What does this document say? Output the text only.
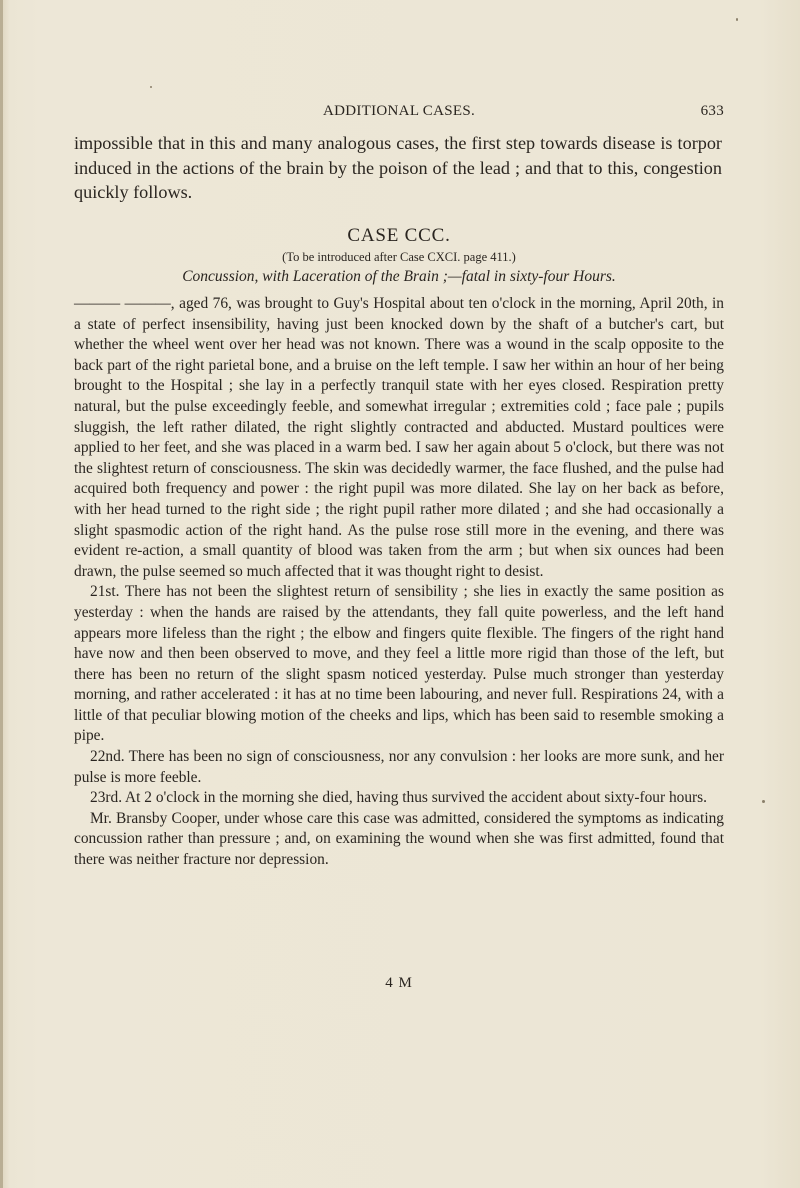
ADDITIONAL CASES.	633
impossible that in this and many analogous cases, the first step towards disease is torpor induced in the actions of the brain by the poison of the lead ; and that to this, congestion quickly follows.
CASE CCC.
(To be introduced after Case CXCI. page 411.)
Concussion, with Laceration of the Brain ;—fatal in sixty-four Hours.

——— ———, aged 76, was brought to Guy's Hospital about ten o'clock in the morning, April 20th, in a state of perfect insensibility, having just been knocked down by the shaft of a butcher's cart, but whether the wheel went over her head was not known. There was a wound in the scalp opposite to the back part of the right parietal bone, and a bruise on the left temple. I saw her within an hour of her being brought to the Hospital ; she lay in a perfectly tranquil state with her eyes closed. Respiration pretty natural, but the pulse exceedingly feeble, and somewhat irregular ; extremities cold ; face pale ; pupils sluggish, the left rather dilated, the right slightly contracted and abducted. Mustard poultices were applied to her feet, and she was placed in a warm bed. I saw her again about 5 o'clock, but there was not the slightest return of consciousness. The skin was decidedly warmer, the face flushed, and the pulse had acquired both frequency and power : the right pupil was more dilated. She lay on her back as before, with her head turned to the right side ; the right pupil rather more dilated ; and she had occasionally a slight spasmodic action of the right hand. As the pulse rose still more in the evening, and there was evident re-action, a small quantity of blood was taken from the arm ; but when six ounces had been drawn, the pulse seemed so much affected that it was thought right to desist.

21st. There has not been the slightest return of sensibility ; she lies in exactly the same position as yesterday : when the hands are raised by the attendants, they fall quite powerless, and the left hand appears more lifeless than the right ; the elbow and fingers quite flexible. The fingers of the right hand have now and then been observed to move, and they feel a little more rigid than those of the left, but there has been no return of the slight spasm noticed yesterday. Pulse much stronger than yesterday morning, and rather accelerated : it has at no time been labouring, and never full. Respirations 24, with a little of that peculiar blowing motion of the cheeks and lips, which has been said to resemble smoking a pipe.

22nd. There has been no sign of consciousness, nor any convulsion : her looks are more sunk, and her pulse is more feeble.

23rd. At 2 o'clock in the morning she died, having thus survived the accident about sixty-four hours.

Mr. Bransby Cooper, under whose care this case was admitted, considered the symptoms as indicating concussion rather than pressure ; and, on examining the wound when she was first admitted, found that there was neither fracture nor depression.

4 M
